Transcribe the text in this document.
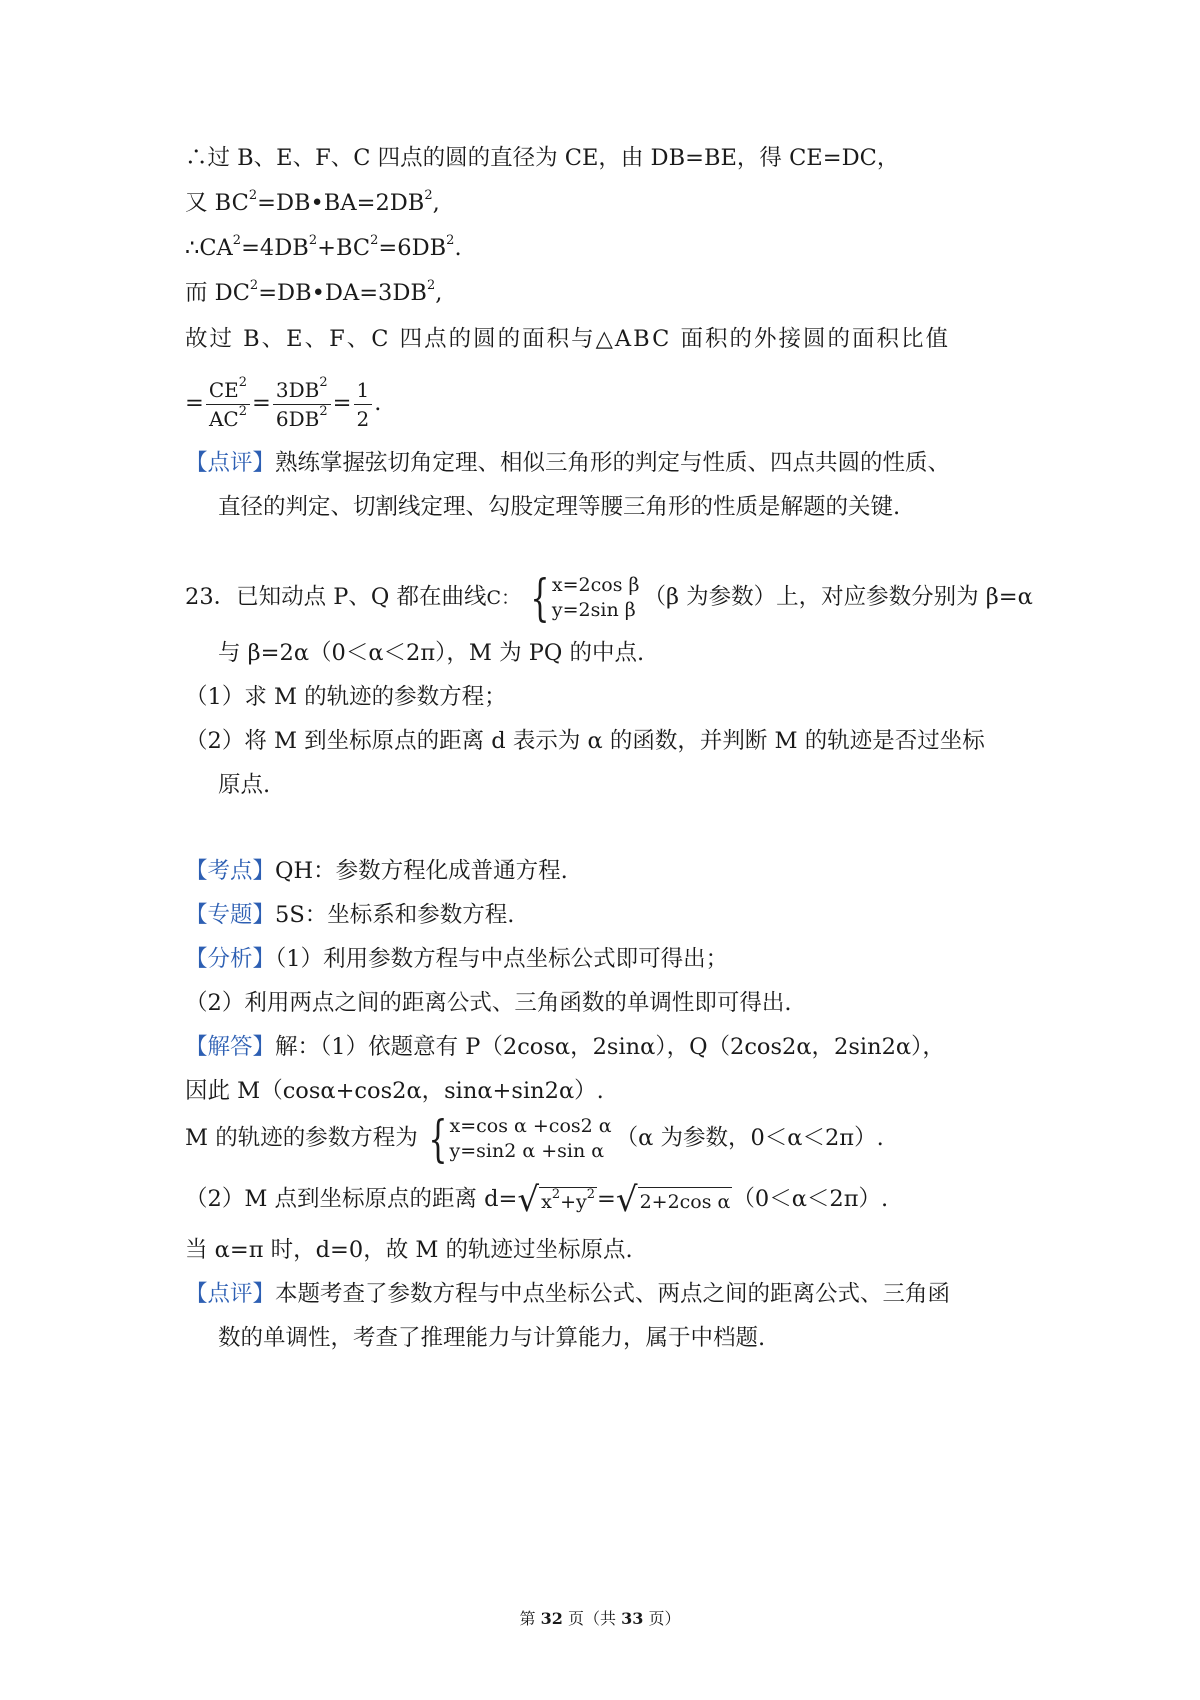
∴过 B、E、F、C 四点的圆的直径为 CE，由 DB=BE，得 CE=DC，
又 $BC^2=DB•BA=2DB^2$,
$\therefore CA^2=4DB^2+BC^2=6DB^2$.
而 $DC^2=DB•DA=3DB^2$,
故过 B、E、F、C 四点的圆的面积与△ABC 面积的外接圆的面积比值
= $\frac{CE^2}{AC^2} = \frac{3DB^2}{6DB^2} = \frac{1}{2}$ .
【点评】熟练掌握弦切角定理、相似三角形的判定与性质、四点共圆的性质、
直径的判定、切割线定理、勾股定理等腰三角形的性质是解题的关键.
23．已知动点 P、Q 都在曲线C： { x=2cos β
y=2sin β （β 为参数）上，对应参数分别为 β=α
与 β=2α（0＜α＜2π），M 为 PQ 的中点.
（1）求 M 的轨迹的参数方程；
（2）将 M 到坐标原点的距离 d 表示为 α 的函数，并判断 M 的轨迹是否过坐标
原点.
【考点】QH：参数方程化成普通方程.
【专题】5S：坐标系和参数方程.
【分析】（1）利用参数方程与中点坐标公式即可得出；
（2）利用两点之间的距离公式、三角函数的单调性即可得出.
【解答】解：（1）依题意有 P（2cosα，2sinα），Q（2cos2α，2sin2α），
因此 M（cosα+cos2α，sinα+sin2α）.
M 的轨迹的参数方程为 { x=cos α +cos2 α
y=sin2 α +sin α （α 为参数，0＜α＜2π）.
（2）M 点到坐标原点的距离 d= √ $x^2+y^2$ = √ 2+2cos α （0＜α＜2π）.
当 α=π 时，d=0，故 M 的轨迹过坐标原点.
【点评】本题考查了参数方程与中点坐标公式、两点之间的距离公式、三角函
数的单调性，考查了推理能力与计算能力，属于中档题.
第 32 页（共 33 页）
